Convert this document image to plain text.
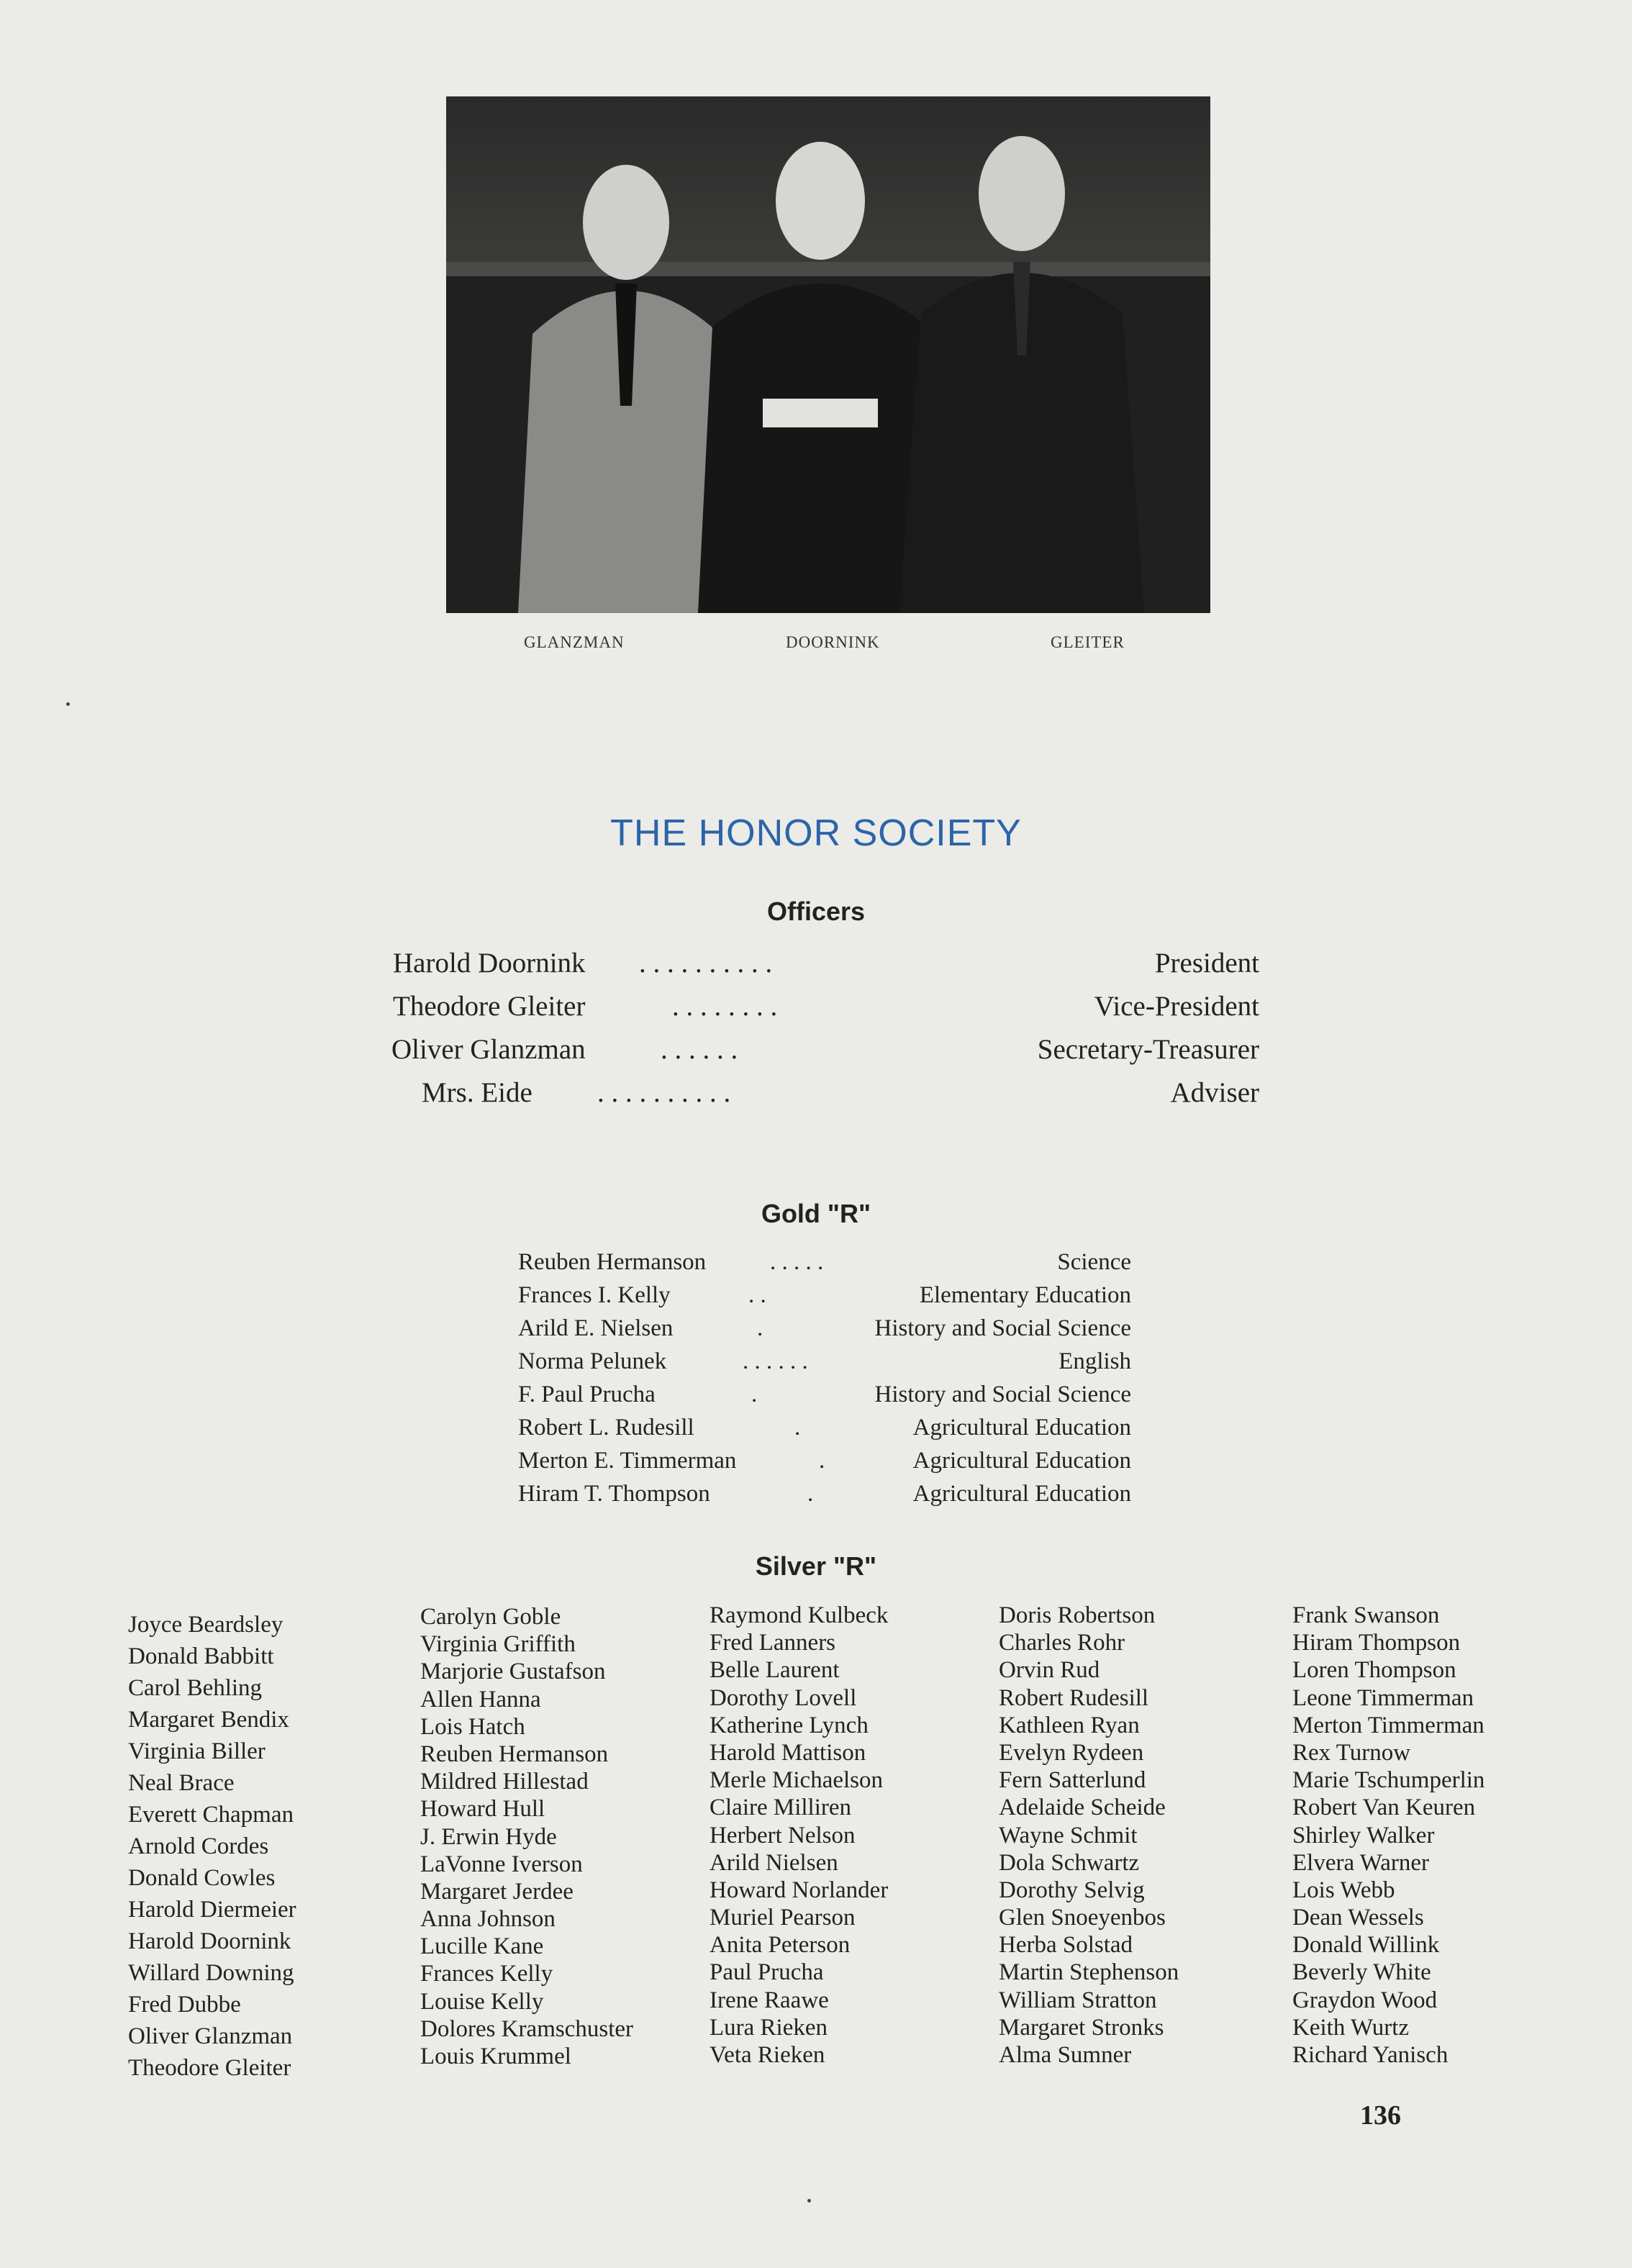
GLANZMAN	DOORNINK	GLEITER
THE HONOR SOCIETY
Officers
Harold Doornink . . . . . . . . . .	President
Theodore Gleiter	. . . . . . . .	Vice-President
Oliver Glanzman	. . . . . .	Secretary-Treasurer
Mrs. Eide . . . . . . . . . .	Adviser
Gold "R"
Reuben Hermanson	. . . . .	Science
Frances I. Kelly	. .	Elementary Education
Arild E. Nielsen	.	History and Social Science
Norma Pelunek	. . . . . .	English
F. Paul Prucha	.	History and Social Science
Robert L. Rudesill	.	Agricultural Education
Merton E. Timmerman	.	Agricultural Education
Hiram T. Thompson	.	Agricultural Education
Silver "R"
Joyce Beardsley
Donald Babbitt
Carol Behling
Margaret Bendix
Virginia Biller
Neal Brace
Everett Chapman
Arnold Cordes
Donald Cowles
Harold Diermeier
Harold Doornink
Willard Downing
Fred Dubbe
Oliver Glanzman
Theodore Gleiter
Carolyn Goble
Virginia Griffith
Marjorie Gustafson
Allen Hanna
Lois Hatch
Reuben Hermanson
Mildred Hillestad
Howard Hull
J. Erwin Hyde
LaVonne Iverson
Margaret Jerdee
Anna Johnson
Lucille Kane
Frances Kelly
Louise Kelly
Dolores Kramschuster
Louis Krummel
Raymond Kulbeck
Fred Lanners
Belle Laurent
Dorothy Lovell
Katherine Lynch
Harold Mattison
Merle Michaelson
Claire Milliren
Herbert Nelson
Arild Nielsen
Howard Norlander
Muriel Pearson
Anita Peterson
Paul Prucha
Irene Raawe
Lura Rieken
Veta Rieken
Doris Robertson
Charles Rohr
Orvin Rud
Robert Rudesill
Kathleen Ryan
Evelyn Rydeen
Fern Satterlund
Adelaide Scheide
Wayne Schmit
Dola Schwartz
Dorothy Selvig
Glen Snoeyenbos
Herba Solstad
Martin Stephenson
William Stratton
Margaret Stronks
Alma Sumner
Frank Swanson
Hiram Thompson
Loren Thompson
Leone Timmerman
Merton Timmerman
Rex Turnow
Marie Tschumperlin
Robert Van Keuren
Shirley Walker
Elvera Warner
Lois Webb
Dean Wessels
Donald Willink
Beverly White
Graydon Wood
Keith Wurtz
Richard Yanisch
136
